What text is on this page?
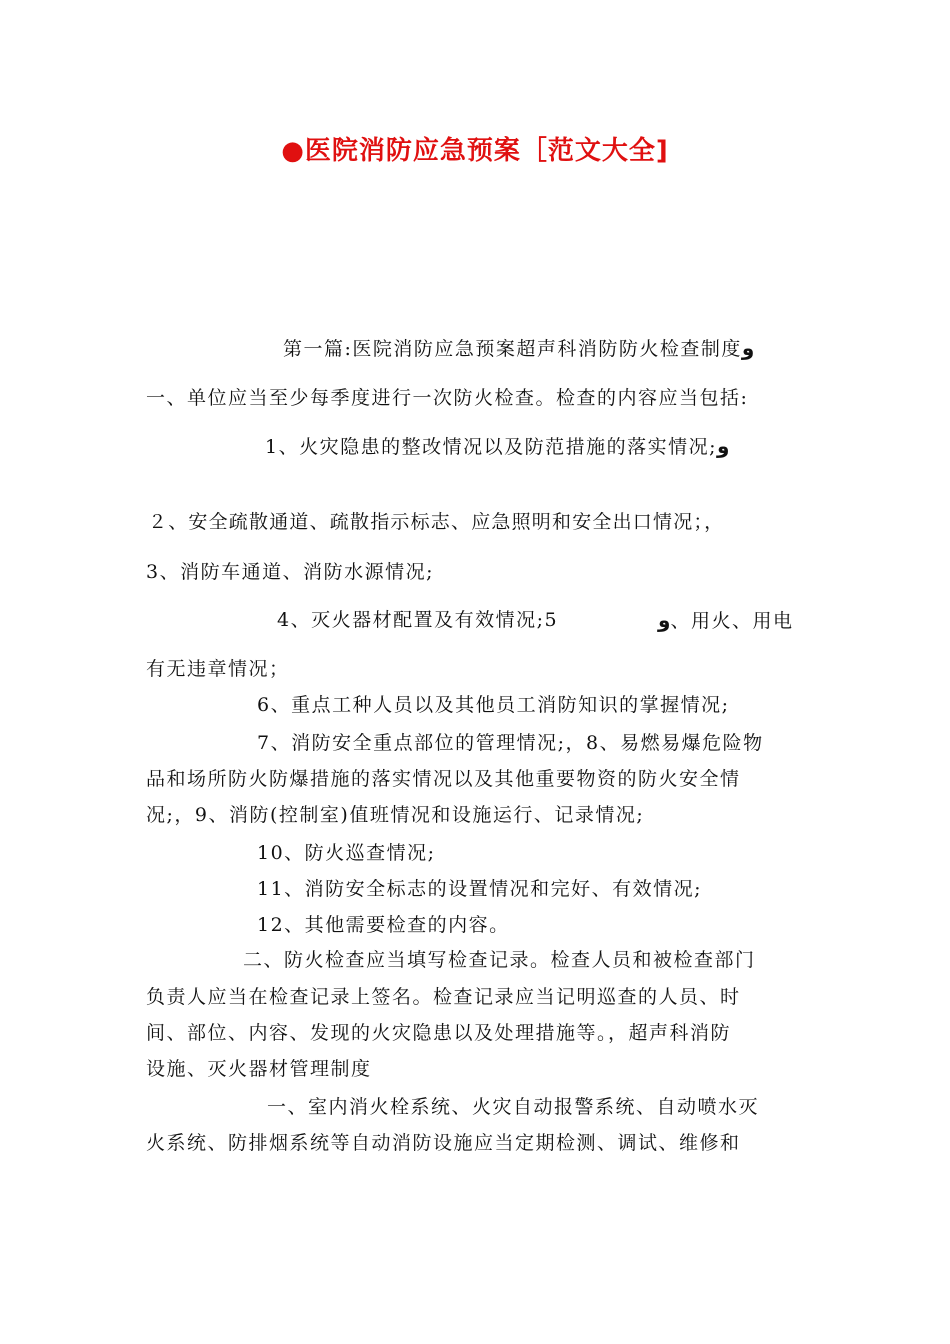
●医院消防应急预案［范文大全]
第一篇:医院消防应急预案超声科消防防火检查制度و
一、单位应当至少每季度进行一次防火检查。检查的内容应当包括:
1、火灾隐患的整改情况以及防范措施的落实情况;و
２、安全疏散通道、疏散指示标志、应急照明和安全出口情况；，
3、消防车通道、消防水源情况;
4、灭火器材配置及有效情况;5	و、用火、用电
有无违章情况；
6、重点工种人员以及其他员工消防知识的掌握情况;
7、消防安全重点部位的管理情况;，8、易燃易爆危险物
品和场所防火防爆措施的落实情况以及其他重要物资的防火安全情
况;，9、消防(控制室)值班情况和设施运行、记录情况;
10、防火巡查情况;
11、消防安全标志的设置情况和完好、有效情况;
12、其他需要检查的内容。
二、防火检查应当填写检查记录。检查人员和被检查部门
负责人应当在检查记录上签名。检查记录应当记明巡查的人员、时
间、部位、内容、发现的火灾隐患以及处理措施等。，超声科消防
设施、灭火器材管理制度
一、室内消火栓系统、火灾自动报警系统、自动喷水灭
火系统、防排烟系统等自动消防设施应当定期检测、调试、维修和
